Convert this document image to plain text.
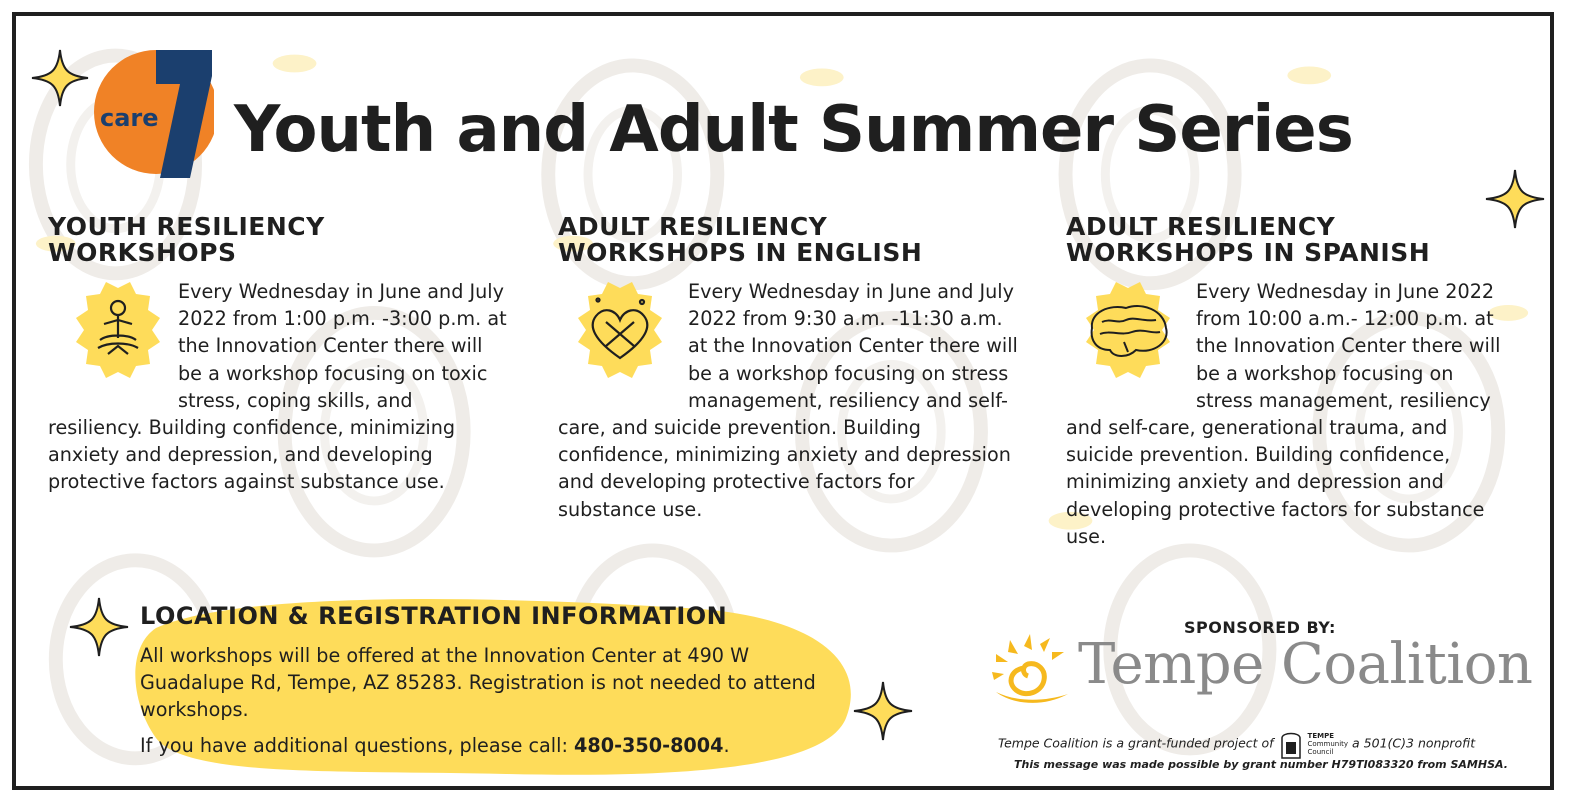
care Youth and Adult Summer Series
YOUTH RESILIENCY
WORKSHOPS
Every Wednesday in June and July 2022 from 1:00 p.m. -3:00 p.m. at the Innovation Center there will be a workshop focusing on toxic stress, coping skills, and resiliency. Building confidence, minimizing anxiety and depression, and developing protective factors against substance use.
ADULT RESILIENCY
WORKSHOPS IN ENGLISH
Every Wednesday in June and July 2022 from 9:30 a.m. -11:30 a.m. at the Innovation Center there will be a workshop focusing on stress management, resiliency and self-care, and suicide prevention. Building confidence, minimizing anxiety and depression and developing protective factors for substance use.
ADULT RESILIENCY
WORKSHOPS IN SPANISH
Every Wednesday in June 2022 from 10:00 a.m.- 12:00 p.m. at the Innovation Center there will be a workshop focusing on stress management, resiliency and self-care, generational trauma, and suicide prevention. Building confidence, minimizing anxiety and depression and developing protective factors for substance use.
LOCATION & REGISTRATION INFORMATION
All workshops will be offered at the Innovation Center at 490 W Guadalupe Rd, Tempe, AZ 85283. Registration is not needed to attend workshops.
If you have additional questions, please call: 480-350-8004.
SPONSORED BY:
Tempe Coalition
Tempe Coalition is a grant-funded project of	TEMPE
Community
Council a 501(C)3 nonprofit
This message was made possible by grant number H79TI083320 from SAMHSA.
